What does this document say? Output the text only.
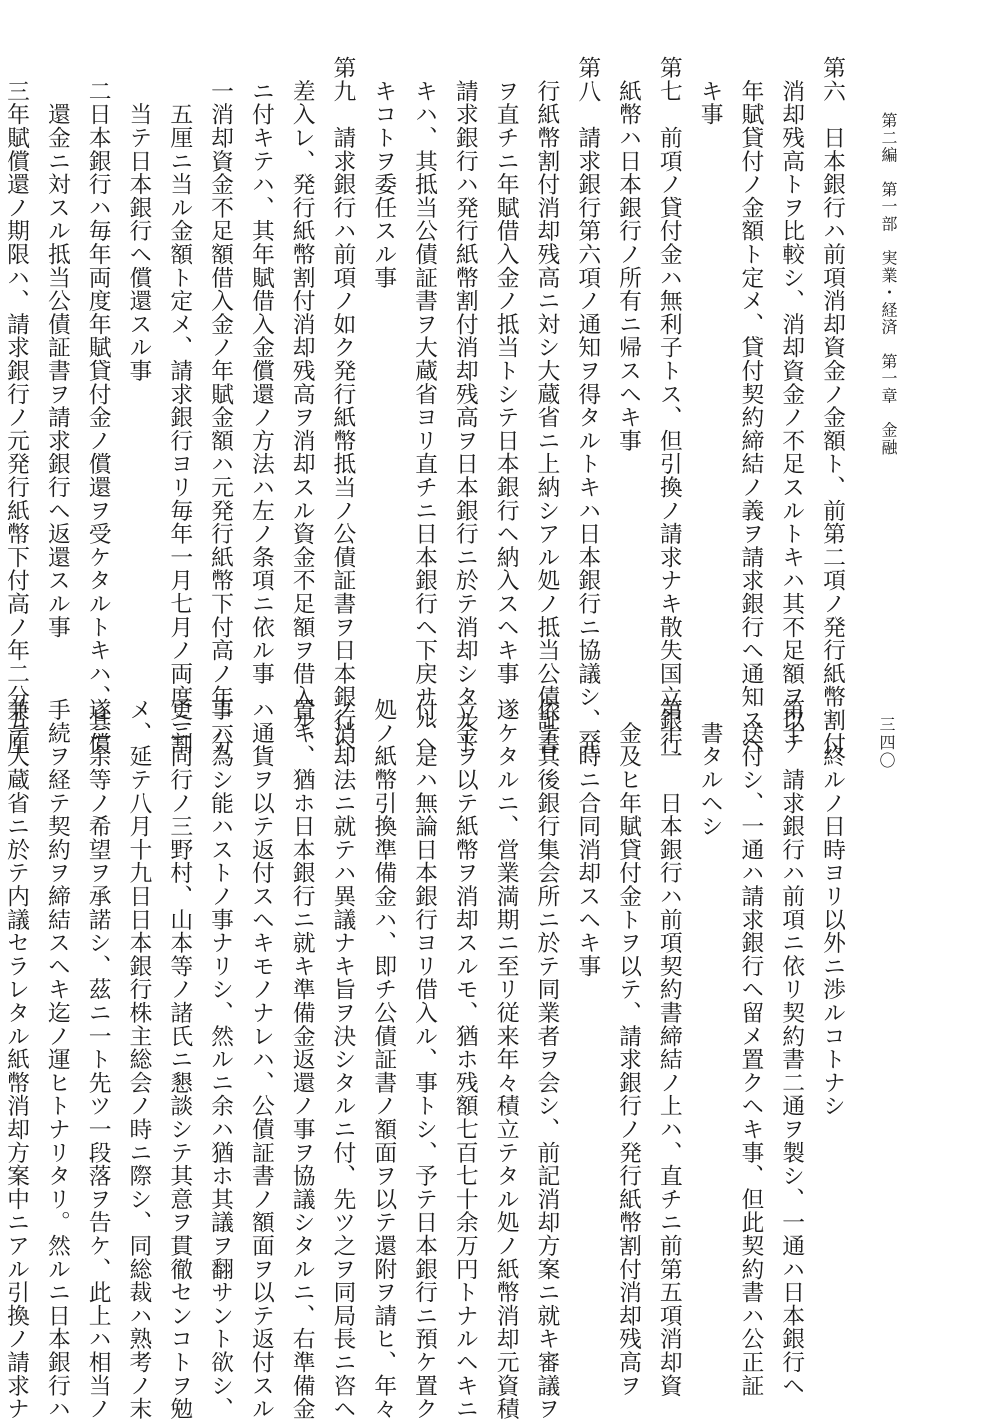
第二編　第一部　実業・経済　第一章　金融
三四〇
第六　日本銀行ハ前項消却資金ノ金額ト、前第二項ノ発行紙幣割付
　消却残高トヲ比較シ、消却資金ノ不足スルトキハ其不足額ヲ以テ
　年賦貸付ノ金額ト定メ、貸付契約締結ノ義ヲ請求銀行ヘ通知スヘ
　キ事
第七　前項ノ貸付金ハ無利子トス、但引換ノ請求ナキ散失国立銀行
　紙幣ハ日本銀行ノ所有ニ帰スヘキ事
第八　請求銀行第六項ノ通知ヲ得タルトキハ日本銀行ニ協議シ、発
　行紙幣割付消却残高ニ対シ大蔵省ニ上納シアル処ノ抵当公債証書
　ヲ直チニ年賦借入金ノ抵当トシテ日本銀行ヘ納入スヘキ事
　請求銀行ハ発行紙幣割付消却残高ヲ日本銀行ニ於テ消却シタルト
　キハ、其抵当公債証書ヲ大蔵省ヨリ直チニ日本銀行ヘ下戻サルヘ
　キコトヲ委任スル事
第九　請求銀行ハ前項ノ如ク発行紙幣抵当ノ公債証書ヲ日本銀行ヘ
　差入レ、発行紙幣割付消却残高ヲ消却スル資金不足額ヲ借入ル、
　ニ付キテハ、其年賦借入金償還ノ方法ハ左ノ条項ニ依ル事
　一消却資金不足額借入金ノ年賦金額ハ元発行紙幣下付高ノ年二分
　　五厘ニ当ル金額ト定メ、請求銀行ヨリ毎年一月七月ノ両度ニ割
　　当テ日本銀行ヘ償還スル事
　二日本銀行ハ毎年両度年賦貸付金ノ償還ヲ受ケタルトキハ、其償
　　還金ニ対スル抵当公債証書ヲ請求銀行ヘ返還スル事
　三年賦償還ノ期限ハ、請求銀行ノ元発行紙幣下付高ノ年二分五厘
　　終ルノ日時ヨリ以外ニ渉ルコトナシ
第十　請求銀行ハ前項ニ依リ契約書二通ヲ製シ、一通ハ日本銀行ヘ
　送付シ、一通ハ請求銀行ヘ留メ置クヘキ事、但此契約書ハ公正証
　書タルヘシ
第十一　日本銀行ハ前項契約書締結ノ上ハ、直チニ前第五項消却資
　金及ヒ年賦貸付金トヲ以テ、請求銀行ノ発行紙幣割付消却残高ヲ
　一時ニ合同消却スヘキ事
依テ其後銀行集会所ニ於テ同業者ヲ会シ、前記消却方案ニ就キ審議ヲ
遂ケタルニ、営業満期ニ至リ従来年々積立テタル処ノ紙幣消却元資積
立金ヲ以テ紙幣ヲ消却スルモ、猶ホ残額七百七十余万円トナルヘキニ
付、是ハ無論日本銀行ヨリ借入ル、事トシ、予テ日本銀行ニ預ケ置ク
処ノ紙幣引換準備金ハ、即チ公債証書ノ額面ヲ以テ還附ヲ請ヒ、年々
ノ消却法ニ就テハ異議ナキ旨ヲ決シタルニ付、先ツ之ヲ同局長ニ咨ヘ
置キ、猶ホ日本銀行ニ就キ準備金返還ノ事ヲ協議シタルニ、右準備金
ハ通貨ヲ以テ返付スヘキモノナレハ、公債証書ノ額面ヲ以テ返付スル
事ハ為シ能ハストノ事ナリシ、然ルニ余ハ猶ホ其議ヲ翻サント欲シ、
更ニ同行ノ三野村、山本等ノ諸氏ニ懇談シテ其意ヲ貫徹センコトヲ勉
メ、延テ八月十九日日本銀行株主総会ノ時ニ際シ、同総裁ハ熟考ノ末
遂ニ余等ノ希望ヲ承諾シ、茲ニ一ト先ツ一段落ヲ告ケ、此上ハ相当ノ
手続ヲ経テ契約ヲ締結スヘキ迄ノ運ヒトナリタリ。然ルニ日本銀行ハ
兼テ大蔵省ニ於テ内議セラレタル紙幣消却方案中ニアル引換ノ請求ナ
